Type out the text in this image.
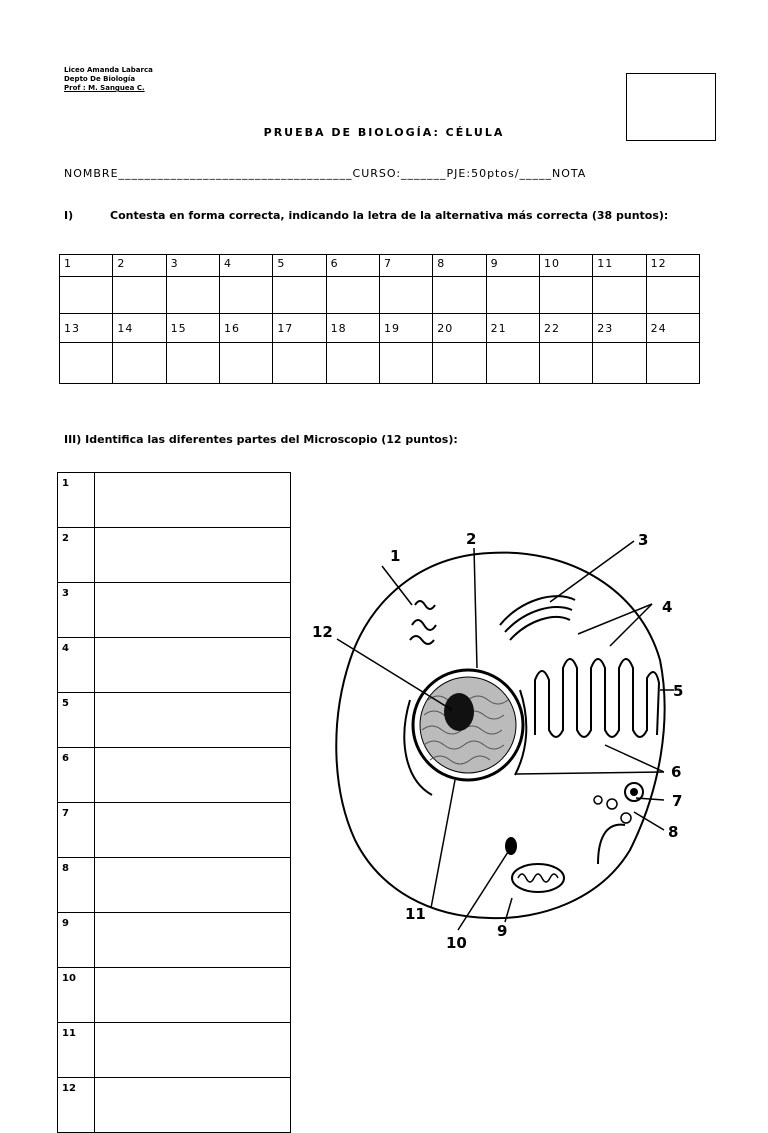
Liceo Amanda Labarca
Depto De Biología
Prof : M. Sanguea C.
PRUEBA DE BIOLOGÍA: CÉLULA
NOMBRE____________________________________CURSO:_______PJE:50ptos/_____NOTA
I)	Contesta en forma correcta, indicando la letra de la alternativa más correcta (38 puntos):
1	2	3	4	5	6	7	8	9	10	11	12

13	14	15	16	17	18	19	20	21	22	23	24

III) Identifica las diferentes partes del Microscopio (12 puntos):
1	
2	
3	
4	
5	
6	
7	
8	
9	
10	
11	
12	
1
2	3
4
5
6
7
8
9
10
11
12
